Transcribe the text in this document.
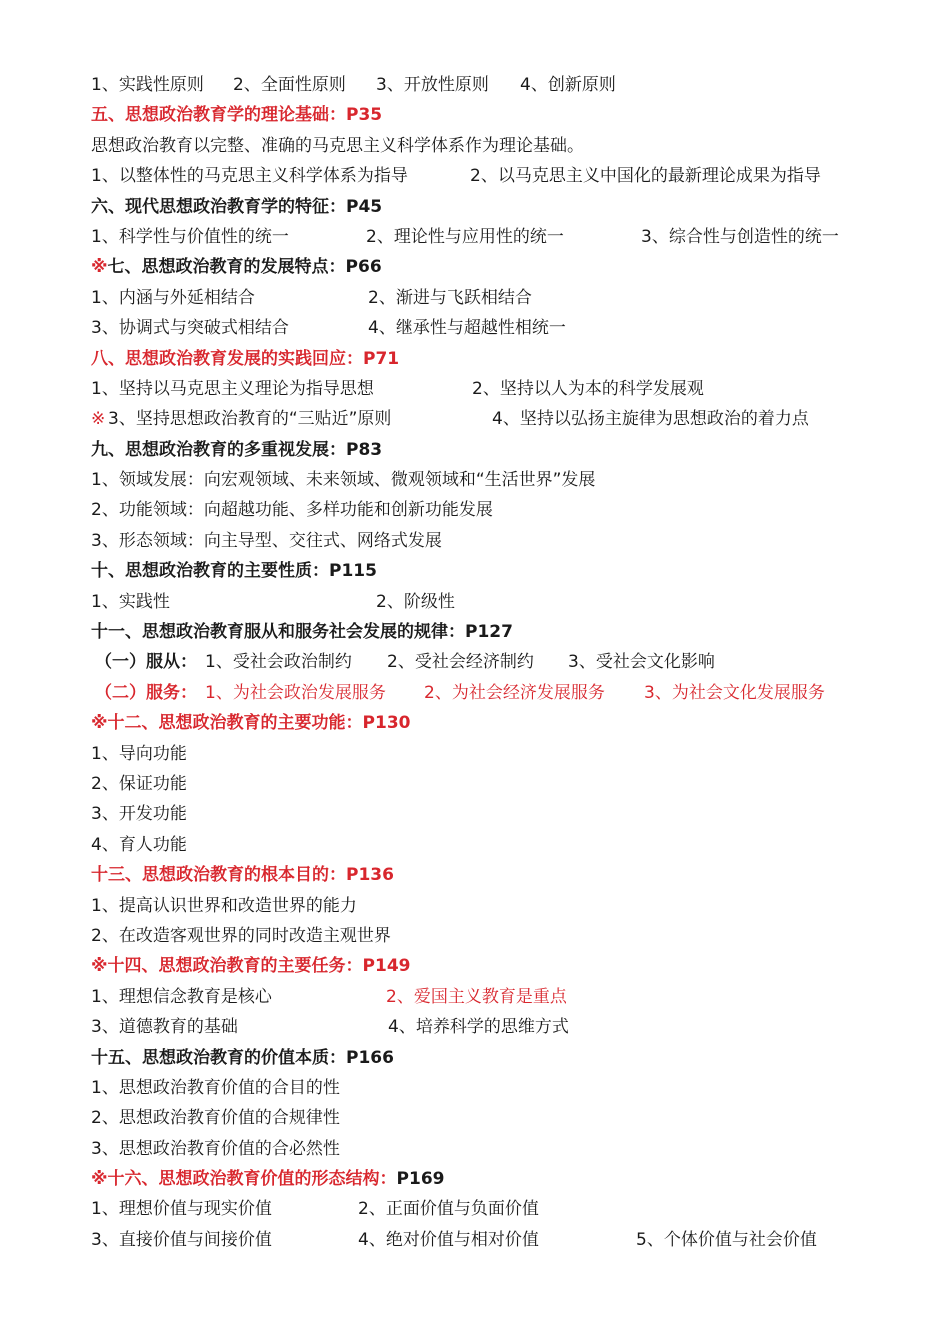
1、实践性原则 2、全面性原则 3、开放性原则 4、创新原则
五、思想政治教育学的理论基础：P35
思想政治教育以完整、准确的马克思主义科学体系作为理论基础。
1、以整体性的马克思主义科学体系为指导	2、以马克思主义中国化的最新理论成果为指导
六、现代思想政治教育学的特征：P45
1、科学性与价值性的统一	2、理论性与应用性的统一	3、综合性与创造性的统一
※七、思想政治教育的发展特点：P66
1、内涵与外延相结合	2、渐进与飞跃相结合
3、协调式与突破式相结合	4、继承性与超越性相统一
八、思想政治教育发展的实践回应：P71
1、坚持以马克思主义理论为指导思想	2、坚持以人为本的科学发展观
※ 3、坚持思想政治教育的“三贴近”原则	4、坚持以弘扬主旋律为思想政治的着力点
九、思想政治教育的多重视发展：P83
1、领域发展：向宏观领域、未来领域、微观领域和“生活世界”发展
2、功能领域：向超越功能、多样功能和创新功能发展
3、形态领域：向主导型、交往式、网络式发展
十、思想政治教育的主要性质：P115
1、实践性	2、阶级性
十一、思想政治教育服从和服务社会发展的规律：P127
（一）服从： 1、受社会政治制约 2、受社会经济制约 3、受社会文化影响
（二）服务： 1、为社会政治发展服务 2、为社会经济发展服务 3、为社会文化发展服务
※十二、思想政治教育的主要功能：P130
1、导向功能
2、保证功能
3、开发功能
4、育人功能
十三、思想政治教育的根本目的：P136
1、提高认识世界和改造世界的能力
2、在改造客观世界的同时改造主观世界
※十四、思想政治教育的主要任务：P149
1、理想信念教育是核心	2、爱国主义教育是重点
3、道德教育的基础	4、培养科学的思维方式
十五、思想政治教育的价值本质：P166
1、思想政治教育价值的合目的性
2、思想政治教育价值的合规律性
3、思想政治教育价值的合必然性
※十六、思想政治教育价值的形态结构：P169
1、理想价值与现实价值	2、正面价值与负面价值
3、直接价值与间接价值	4、绝对价值与相对价值	5、个体价值与社会价值
